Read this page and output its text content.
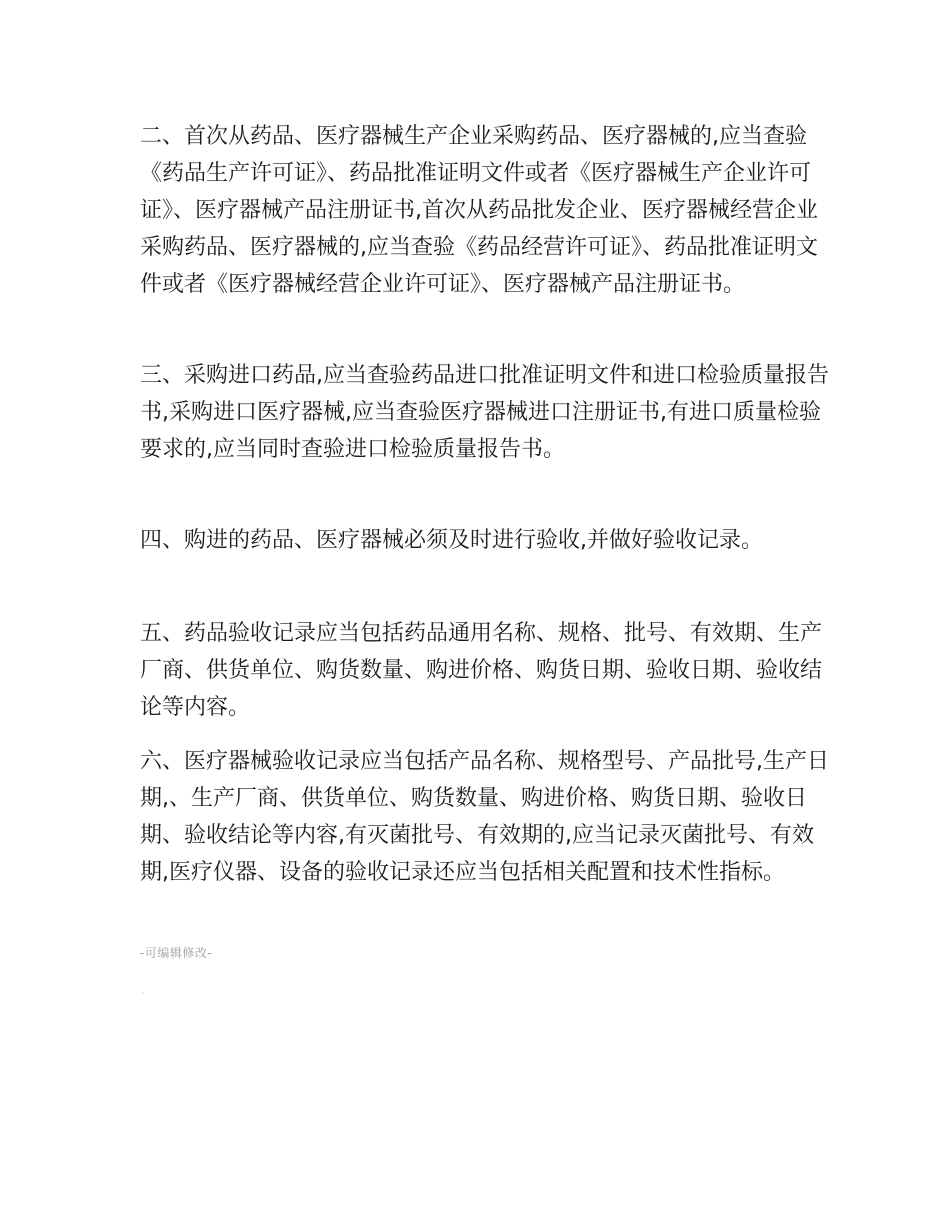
二、首次从药品、医疗器械生产企业采购药品、医疗器械的,应当查验《药品生产许可证》、药品批准证明文件或者《医疗器械生产企业许可证》、医疗器械产品注册证书,首次从药品批发企业、医疗器械经营企业采购药品、医疗器械的,应当查验《药品经营许可证》、药品批准证明文件或者《医疗器械经营企业许可证》、医疗器械产品注册证书。

三、采购进口药品,应当查验药品进口批准证明文件和进口检验质量报告书,采购进口医疗器械,应当查验医疗器械进口注册证书,有进口质量检验要求的,应当同时查验进口检验质量报告书。

四、购进的药品、医疗器械必须及时进行验收,并做好验收记录。

五、药品验收记录应当包括药品通用名称、规格、批号、有效期、生产厂商、供货单位、购货数量、购进价格、购货日期、验收日期、验收结论等内容。

六、医疗器械验收记录应当包括产品名称、规格型号、产品批号,生产日期,、生产厂商、供货单位、购货数量、购进价格、购货日期、验收日期、验收结论等内容,有灭菌批号、有效期的,应当记录灭菌批号、有效期,医疗仪器、设备的验收记录还应当包括相关配置和技术性指标。

-可编辑修改-
.
